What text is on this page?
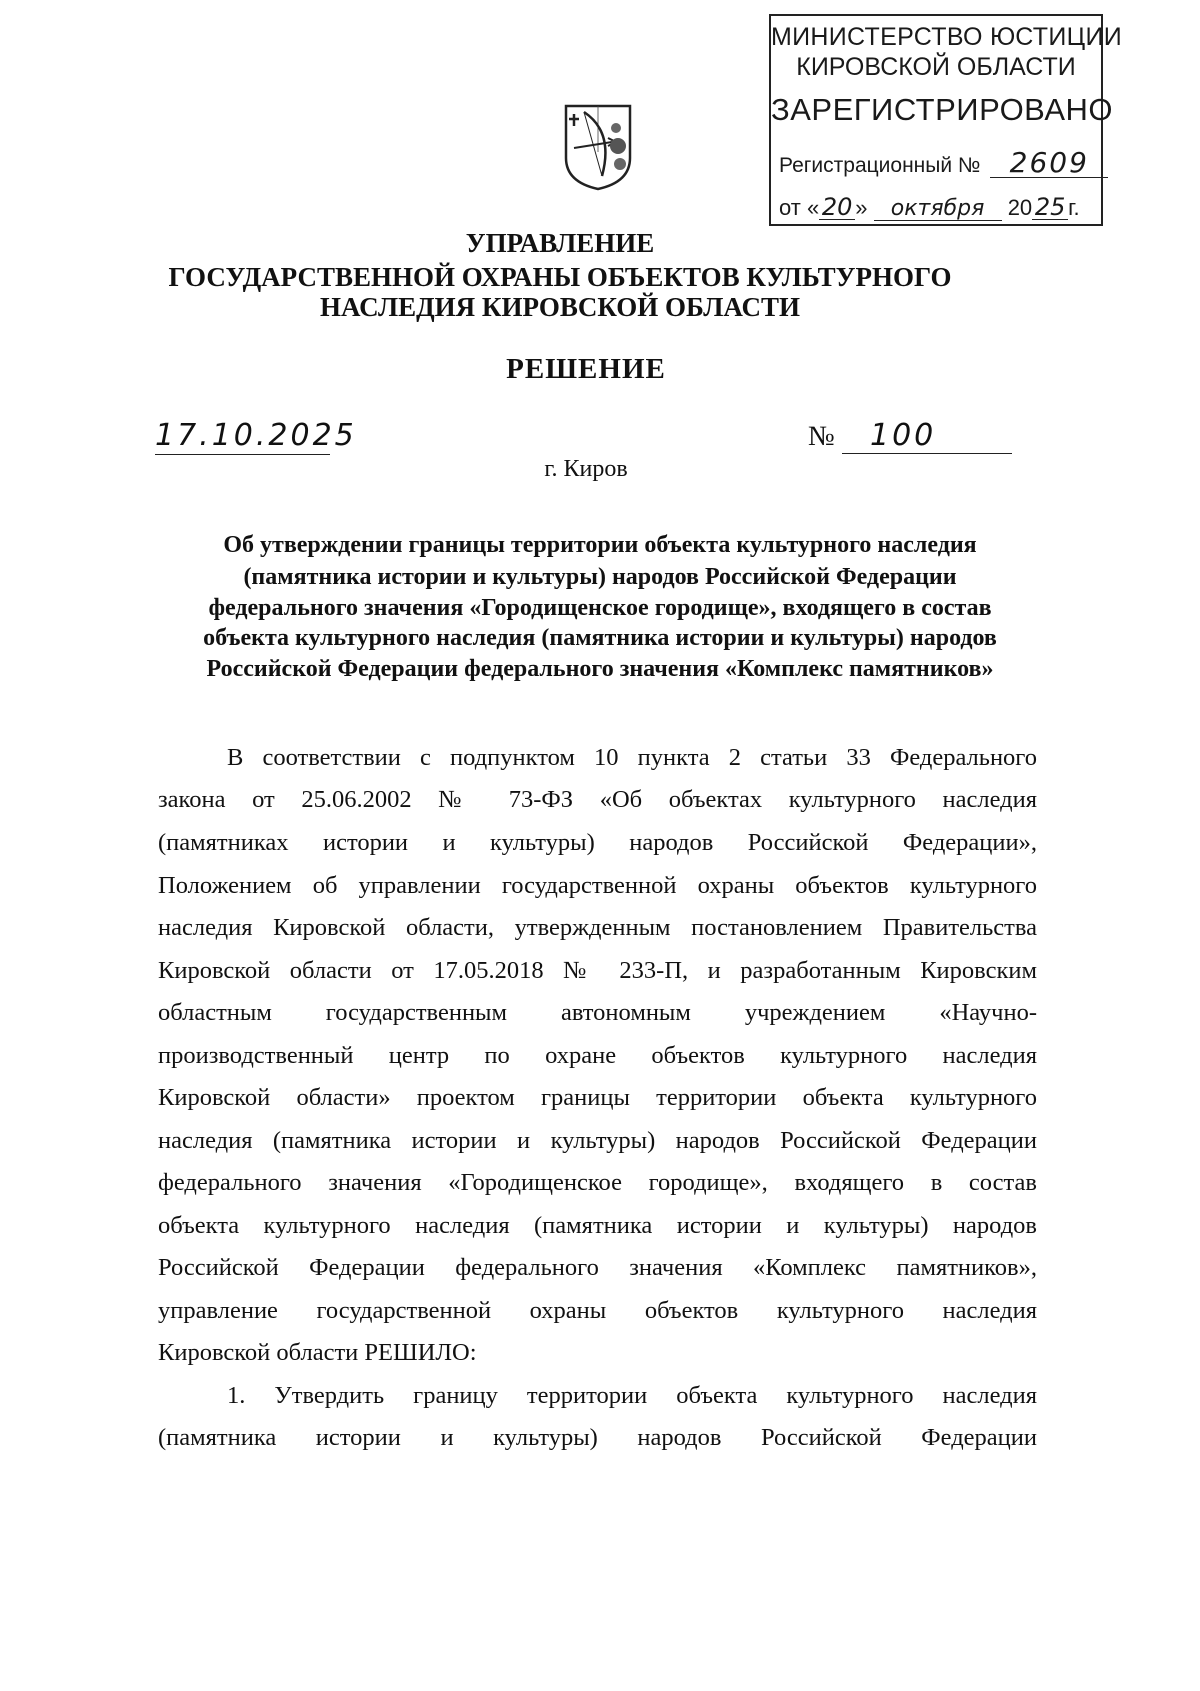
МИНИСТЕРСТВО ЮСТИЦИИ
КИРОВСКОЙ ОБЛАСТИ
ЗАРЕГИСТРИРОВАНО
Регистрационный № 2609
от « 20 » октября 20 25 г.
УПРАВЛЕНИЕ
ГОСУДАРСТВЕННОЙ ОХРАНЫ ОБЪЕКТОВ КУЛЬТУРНОГО
НАСЛЕДИЯ КИРОВСКОЙ ОБЛАСТИ
РЕШЕНИЕ
17.10.2025	№	100
г. Киров
Об утверждении границы территории объекта культурного наследия
(памятника истории и культуры) народов Российской Федерации
федерального значения «Городищенское городище», входящего в состав
объекта культурного наследия (памятника истории и культуры) народов
Российской Федерации федерального значения «Комплекс памятников»
В соответствии с подпунктом 10 пункта 2 статьи 33 Федерального
закона от 25.06.2002 № 73-ФЗ «Об объектах культурного наследия
(памятниках истории и культуры) народов Российской Федерации»,
Положением об управлении государственной охраны объектов культурного
наследия Кировской области, утвержденным постановлением Правительства
Кировской области от 17.05.2018 № 233-П, и разработанным Кировским
областным государственным автономным учреждением «Научно-
производственный центр по охране объектов культурного наследия
Кировской области» проектом границы территории объекта культурного
наследия (памятника истории и культуры) народов Российской Федерации
федерального значения «Городищенское городище», входящего в состав
объекта культурного наследия (памятника истории и культуры) народов
Российской Федерации федерального значения «Комплекс памятников»,
управление государственной охраны объектов культурного наследия
Кировской области РЕШИЛО:
1. Утвердить границу территории объекта культурного наследия
(памятника истории и культуры) народов Российской Федерации
